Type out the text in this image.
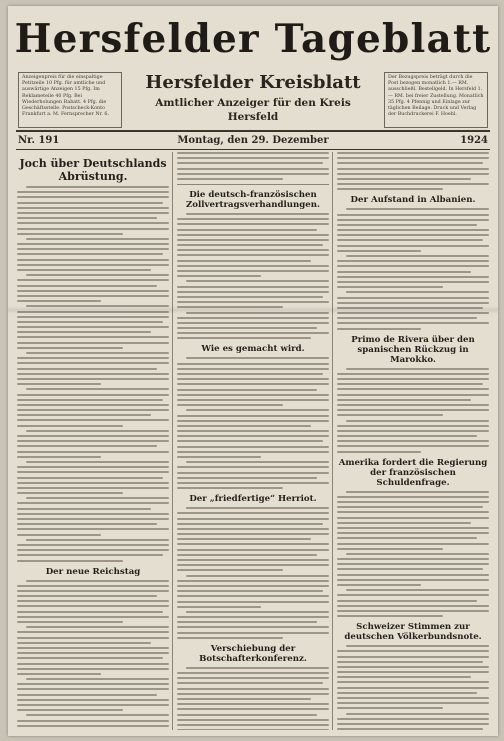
Hersfelder Tageblatt
Anzeigenpreis für die einspaltige Petitzeile 10 Pfg. für amtliche und auswärtige Anzeigen 15 Pfg. Im Reklameteile 40 Pfg. Bei Wiederholungen Rabatt. 4 Pfg. die Geschäftsstelle. Postscheck-Konto Frankfurt a. M. Fernsprecher Nr. 6.
Hersfelder Kreisblatt
Amtlicher Anzeiger für den Kreis Hersfeld
Der Bezugspreis beträgt durch die Post bezogen monatlich 1.— RM. ausschließl. Bestellgeld. In Hersfeld 1.— RM. bei freier Zustellung. Monatlich 35 Pfg. 4 Pfennig und Einlage zur täglichen Beilage. Druck und Verlag der Buchdruckerei F. Hoehl.
Nr. 191	Montag, den 29. Dezember	1924
Joch über Deutschlands Abrüstung.
Der neue Reichstag
Die deutsch-französischen Zollvertragsverhandlungen.
Wie es gemacht wird.
Der „friedfertige“ Herriot.
Verschiebung der Botschafterkonferenz.
Der Aufstand in Albanien.
Primo de Rivera über den spanischen Rückzug in Marokko.
Amerika fordert die Regierung der französischen Schuldenfrage.
Schweizer Stimmen zur deutschen Völkerbundsnote.
